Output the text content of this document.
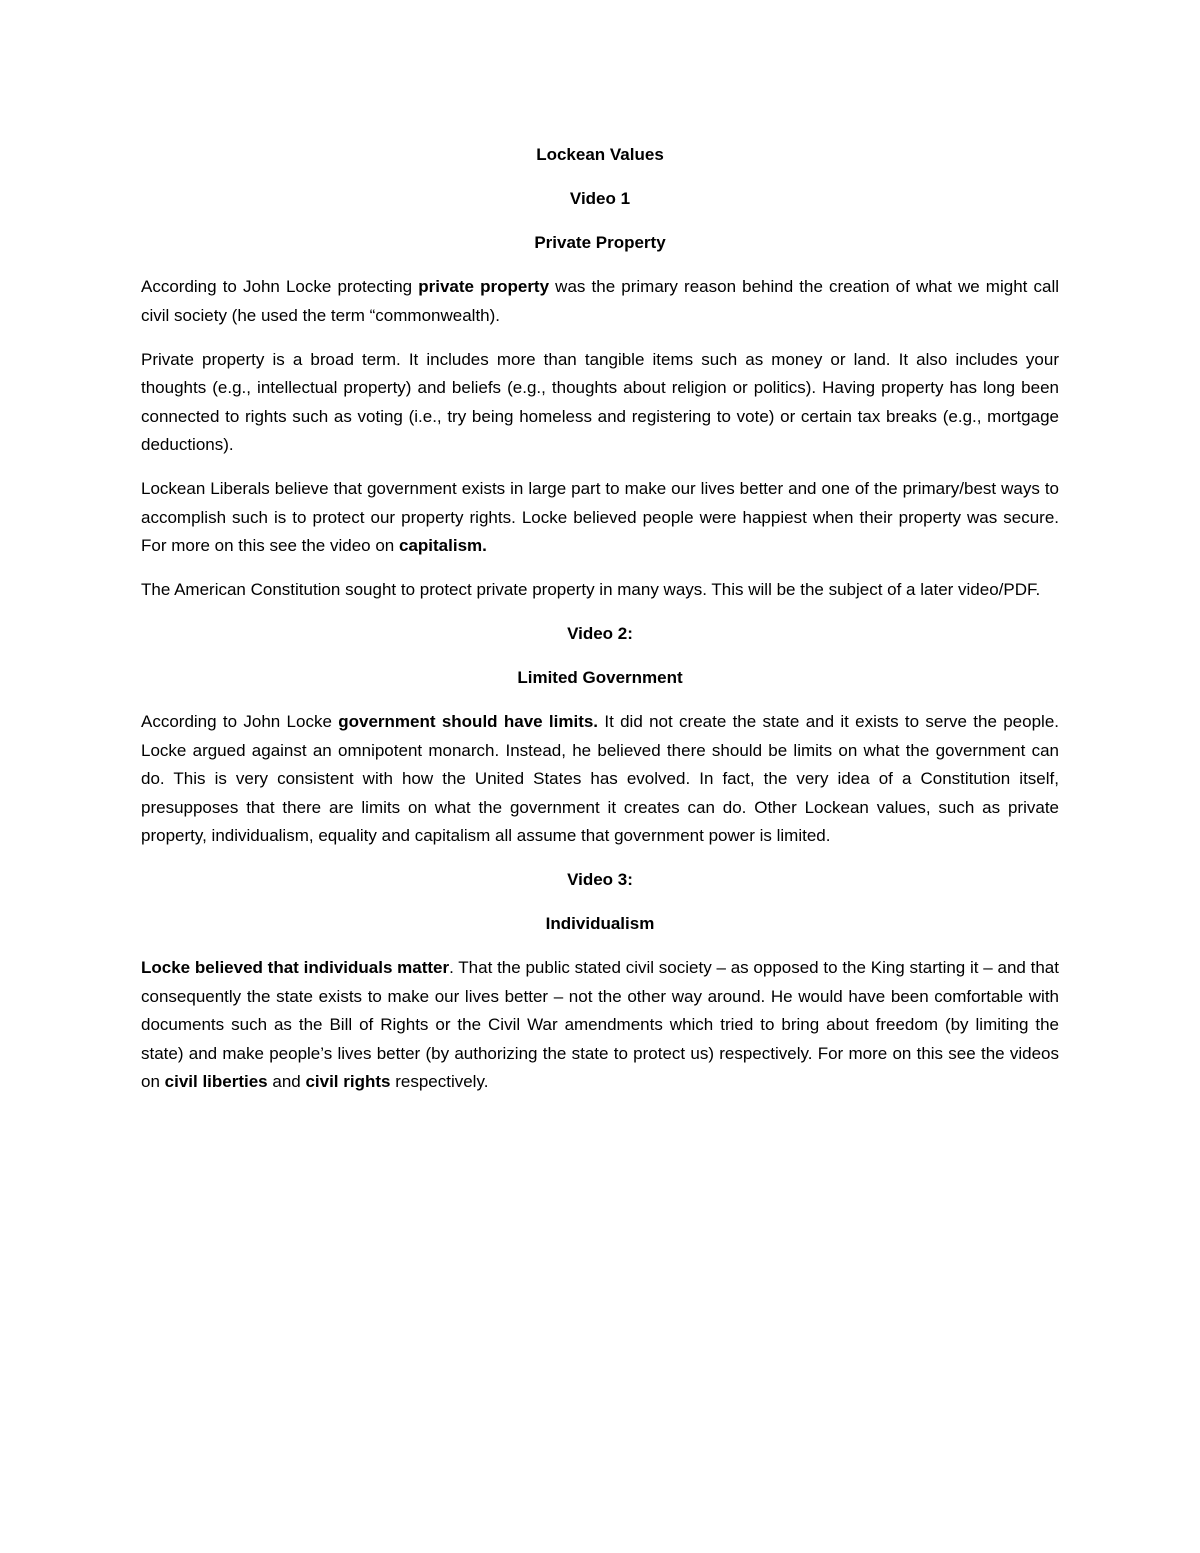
Lockean Values

Video 1

Private Property

According to John Locke protecting private property was the primary reason behind the creation of what we might call civil society (he used the term “commonwealth).

Private property is a broad term. It includes more than tangible items such as money or land. It also includes your thoughts (e.g., intellectual property) and beliefs (e.g., thoughts about religion or politics). Having property has long been connected to rights such as voting (i.e., try being homeless and registering to vote) or certain tax breaks (e.g., mortgage deductions).

Lockean Liberals believe that government exists in large part to make our lives better and one of the primary/best ways to accomplish such is to protect our property rights. Locke believed people were happiest when their property was secure. For more on this see the video on capitalism.

The American Constitution sought to protect private property in many ways. This will be the subject of a later video/PDF.

Video 2:

Limited Government

According to John Locke government should have limits. It did not create the state and it exists to serve the people. Locke argued against an omnipotent monarch. Instead, he believed there should be limits on what the government can do. This is very consistent with how the United States has evolved. In fact, the very idea of a Constitution itself, presupposes that there are limits on what the government it creates can do. Other Lockean values, such as private property, individualism, equality and capitalism all assume that government power is limited.

Video 3:

Individualism

Locke believed that individuals matter. That the public stated civil society – as opposed to the King starting it – and that consequently the state exists to make our lives better – not the other way around. He would have been comfortable with documents such as the Bill of Rights or the Civil War amendments which tried to bring about freedom (by limiting the state) and make people’s lives better (by authorizing the state to protect us) respectively. For more on this see the videos on civil liberties and civil rights respectively.
